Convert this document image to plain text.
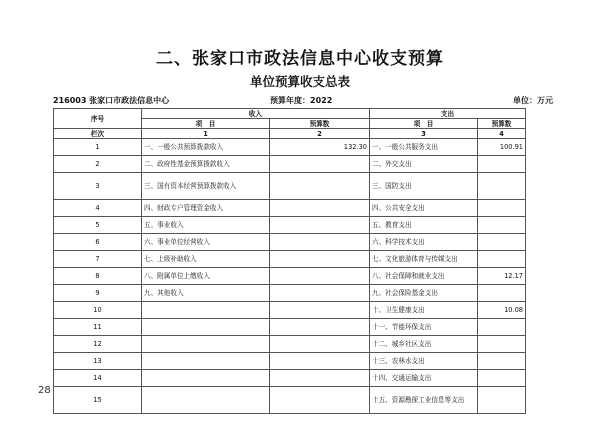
二、张家口市政法信息中心收支预算
单位预算收支总表
216003 张家口市政法信息中心	预算年度：2022	单位：万元
序号	收入		支出	
	项　目	预算数	项　目	预算数
栏次	1	2	3	4
1	一、一般公共预算拨款收入	132.30	一、一般公共服务支出	100.91
2	二、政府性基金预算拨款收入		二、外交支出	
3	三、国有资本经营预算拨款收入		三、国防支出	
4	四、财政专户管理资金收入		四、公共安全支出	
5	五、事业收入		五、教育支出	
6	六、事业单位经营收入		六、科学技术支出	
7	七、上级补助收入		七、文化旅游体育与传媒支出	
8	八、附属单位上缴收入		八、社会保障和就业支出	12.17
9	九、其他收入		九、社会保险基金支出	
10			十、卫生健康支出	10.08
11			十一、节能环保支出	
12			十二、城乡社区支出	
13			十三、农林水支出	
14			十四、交通运输支出	
15			十五、资源勘探工业信息等支出	
28
